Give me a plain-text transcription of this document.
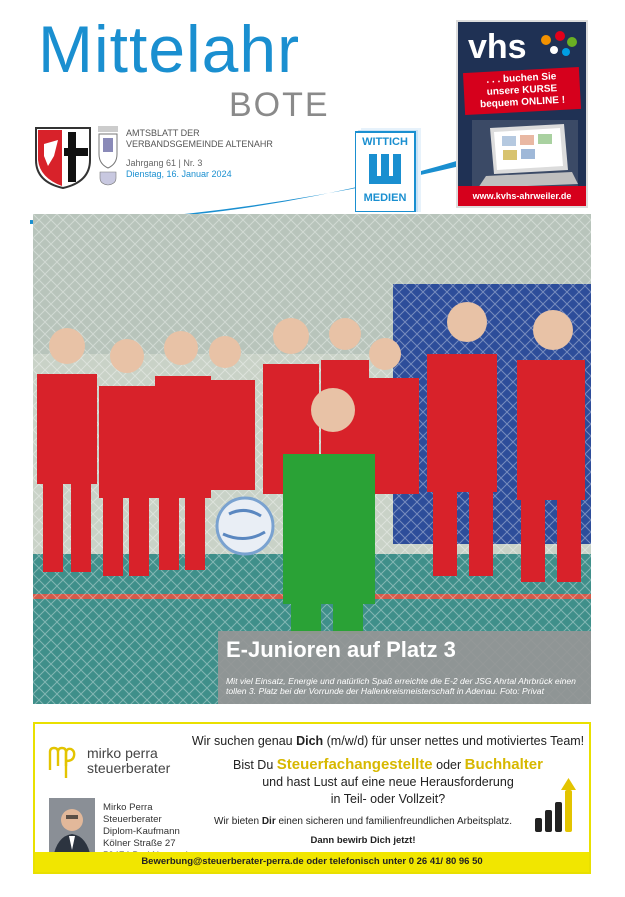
Mittelahr
BOTE
AMTSBLATT DER
VERBANDSGEMEINDE ALTENAHR
Jahrgang 61 | Nr. 3
Dienstag, 16. Januar 2024
WITTICH
MEDIEN
vhs
. . . buchen Sie
unsere KURSE
bequem ONLINE !
www.kvhs-ahrweiler.de
E-Junioren auf Platz 3
Mit viel Einsatz, Energie und natürlich Spaß erreichte die E-2 der JSG Ahrtal Ahrbrück einen tollen 3. Platz bei der Vorrunde der Hallenkreismeisterschaft in Adenau. Foto: Privat
mirko perra
steuerberater
Mirko Perra
Steuerberater
Diplom-Kaufmann
Kölner Straße 27
Wir suchen genau Dich (m/w/d) für unser nettes und motiviertes Team!
Bist Du Steuerfachangestellte oder Buchhalter
und hast Lust auf eine neue Herausforderung
in Teil- oder Vollzeit?
Wir bieten Dir einen sicheren und familienfreundlichen Arbeitsplatz.
Dann bewirb Dich jetzt!
Bewerbung@steuerberater-perra.de oder telefonisch unter 0 26 41/ 80 96 50
